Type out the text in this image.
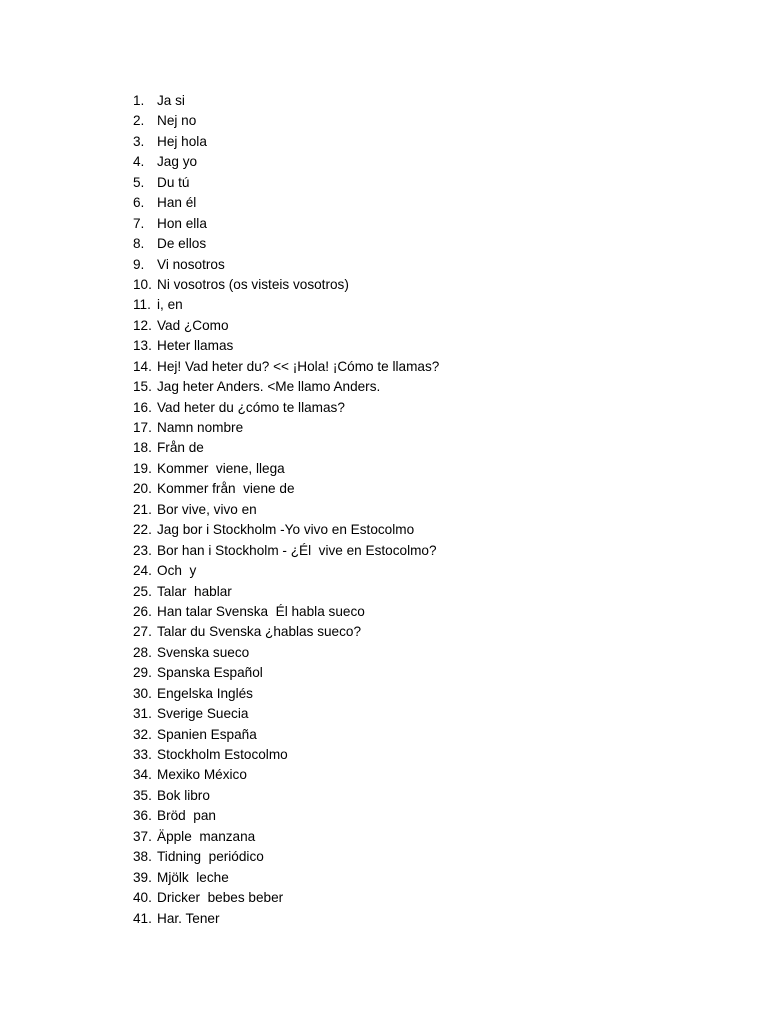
1. Ja si
2. Nej no
3. Hej hola
4. Jag yo
5. Du tú
6. Han él
7. Hon ella
8. De ellos
9. Vi nosotros
10. Ni vosotros (os visteis vosotros)
11. i, en
12. Vad ¿Como
13. Heter llamas
14. Hej! Vad heter du? << ¡Hola! ¡Cómo te llamas?
15. Jag heter Anders. <Me llamo Anders.
16. Vad heter du ¿cómo te llamas?
17. Namn nombre
18. Från de
19. Kommer  viene, llega
20. Kommer från  viene de
21. Bor vive, vivo en
22. Jag bor i Stockholm -Yo vivo en Estocolmo
23. Bor han i Stockholm - ¿Él  vive en Estocolmo?
24. Och  y
25. Talar  hablar
26. Han talar Svenska  Él habla sueco
27. Talar du Svenska ¿hablas sueco?
28. Svenska sueco
29. Spanska Español
30. Engelska Inglés
31. Sverige Suecia
32. Spanien España
33. Stockholm Estocolmo
34. Mexiko México
35. Bok libro
36. Bröd  pan
37. Äpple  manzana
38. Tidning  periódico
39. Mjölk  leche
40. Dricker  bebes beber
41. Har. Tener
